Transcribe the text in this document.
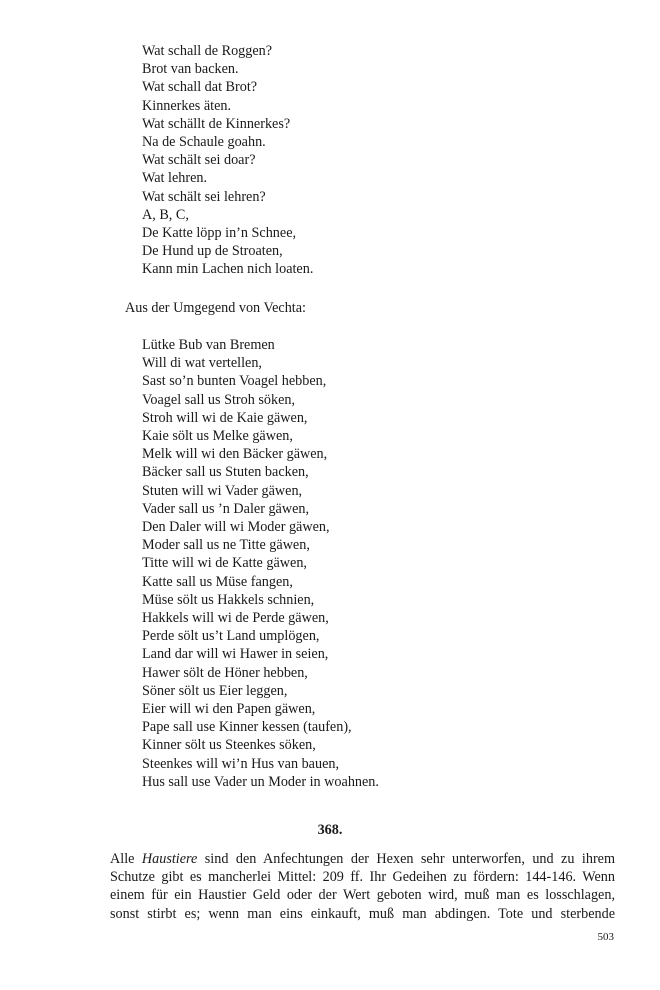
Wat schall de Roggen?
Brot van backen.
Wat schall dat Brot?
Kinnerkes äten.
Wat schällt de Kinnerkes?
Na de Schaule goahn.
Wat schält sei doar?
Wat lehren.
Wat schält sei lehren?
A, B, C,
De Katte löpp in’n Schnee,
De Hund up de Stroaten,
Kann min Lachen nich loaten.
Aus der Umgegend von Vechta:
Lütke Bub van Bremen
Will di wat vertellen,
Sast so’n bunten Voagel hebben,
Voagel sall us Stroh söken,
Stroh will wi de Kaie gäwen,
Kaie sölt us Melke gäwen,
Melk will wi den Bäcker gäwen,
Bäcker sall us Stuten backen,
Stuten will wi Vader gäwen,
Vader sall us ’n Daler gäwen,
Den Daler will wi Moder gäwen,
Moder sall us ne Titte gäwen,
Titte will wi de Katte gäwen,
Katte sall us Müse fangen,
Müse sölt us Hakkels schnien,
Hakkels will wi de Perde gäwen,
Perde sölt us’t Land umplögen,
Land dar will wi Hawer in seien,
Hawer sölt de Höner hebben,
Söner sölt us Eier leggen,
Eier will wi den Papen gäwen,
Pape sall use Kinner kessen (taufen),
Kinner sölt us Steenkes söken,
Steenkes will wi’n Hus van bauen,
Hus sall use Vader un Moder in woahnen.
368.
Alle Haustiere sind den Anfechtungen der Hexen sehr unterworfen, und zu ihrem
Schutze gibt es mancherlei Mittel: 209 ff. Ihr Gedeihen zu fördern: 144-146. Wenn
einem für ein Haustier Geld oder der Wert geboten wird, muß man es losschlagen,
sonst stirbt es; wenn man eins einkauft, muß man abdingen. Tote und sterbende
503
